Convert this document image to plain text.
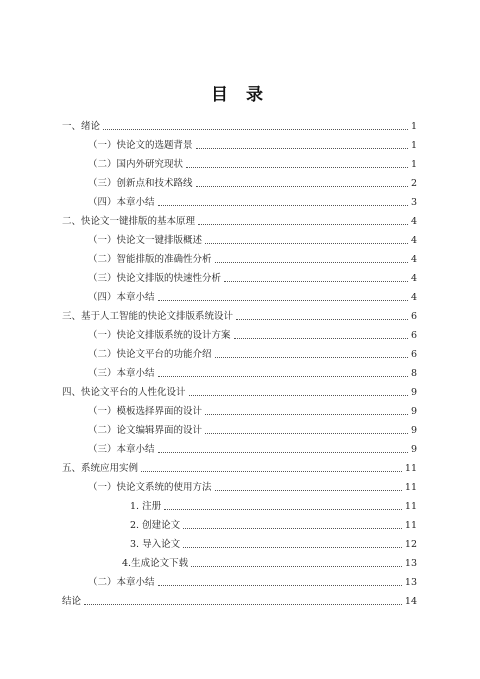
目 录
一、绪论	1
（一）快论文的选题背景	1
（二）国内外研究现状	1
（三）创新点和技术路线	2
（四）本章小结	3
二、快论文一键排版的基本原理	4
（一）快论文一键排版概述	4
（二）智能排版的准确性分析	4
（三）快论文排版的快速性分析	4
（四）本章小结	4
三、基于人工智能的快论文排版系统设计	6
（一）快论文排版系统的设计方案	6
（二）快论文平台的功能介绍	6
（三）本章小结	8
四、快论文平台的人性化设计	9
（一）模板选择界面的设计	9
（二）论文编辑界面的设计	9
（三）本章小结	9
五、系统应用实例	11
（一）快论文系统的使用方法	11
1. 注册	11
2. 创建论文	11
3. 导入论文	12
4.生成论文下载	13
（二）本章小结	13
结论	14
